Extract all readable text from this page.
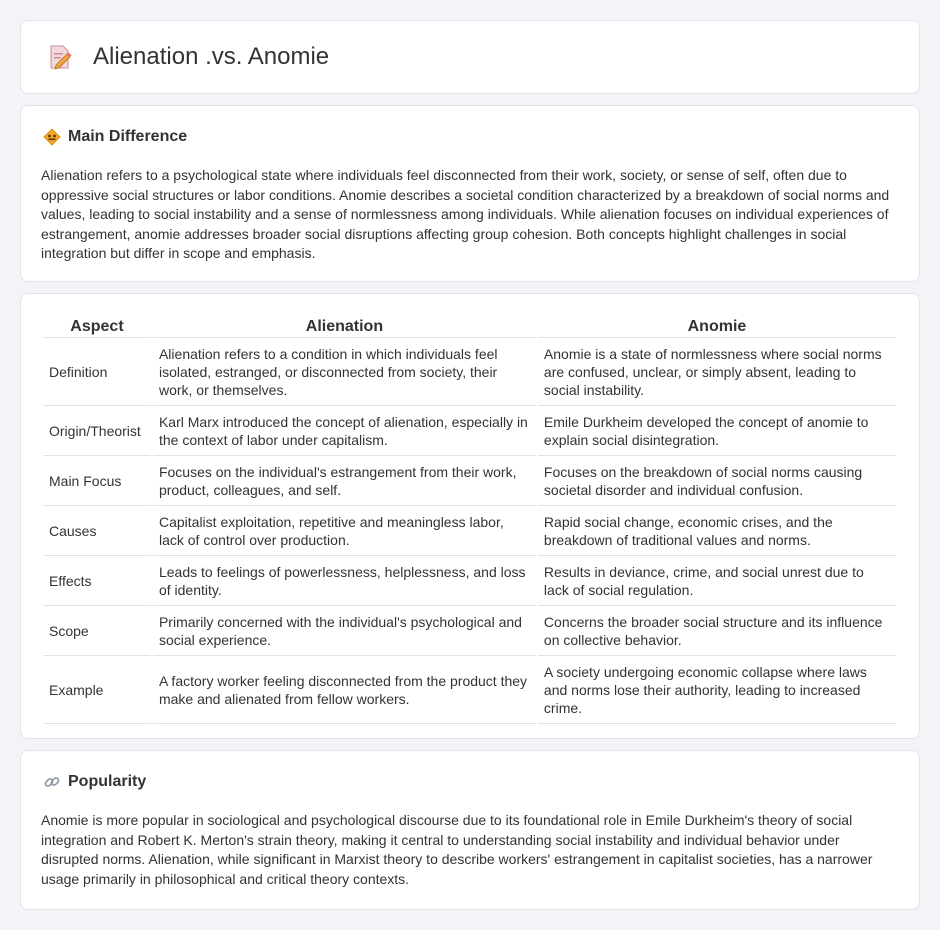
Alienation .vs. Anomie
Main Difference

Alienation refers to a psychological state where individuals feel disconnected from their work, society, or sense of self, often due to oppressive social structures or labor conditions. Anomie describes a societal condition characterized by a breakdown of social norms and values, leading to social instability and a sense of normlessness among individuals. While alienation focuses on individual experiences of estrangement, anomie addresses broader social disruptions affecting group cohesion. Both concepts highlight challenges in social integration but differ in scope and emphasis.

Aspect	Alienation	Anomie
Definition	Alienation refers to a condition in which individuals feel isolated, estranged, or disconnected from society, their work, or themselves.	Anomie is a state of normlessness where social norms are confused, unclear, or simply absent, leading to social instability.
Origin/Theorist	Karl Marx introduced the concept of alienation, especially in the context of labor under capitalism.	Emile Durkheim developed the concept of anomie to explain social disintegration.
Main Focus	Focuses on the individual's estrangement from their work, product, colleagues, and self.	Focuses on the breakdown of social norms causing societal disorder and individual confusion.
Causes	Capitalist exploitation, repetitive and meaningless labor, lack of control over production.	Rapid social change, economic crises, and the breakdown of traditional values and norms.
Effects	Leads to feelings of powerlessness, helplessness, and loss of identity.	Results in deviance, crime, and social unrest due to lack of social regulation.
Scope	Primarily concerned with the individual's psychological and social experience.	Concerns the broader social structure and its influence on collective behavior.
Example	A factory worker feeling disconnected from the product they make and alienated from fellow workers.	A society undergoing economic collapse where laws and norms lose their authority, leading to increased crime.
Popularity

Anomie is more popular in sociological and psychological discourse due to its foundational role in Emile Durkheim's theory of social integration and Robert K. Merton's strain theory, making it central to understanding social instability and individual behavior under disrupted norms. Alienation, while significant in Marxist theory to describe workers' estrangement in capitalist societies, has a narrower usage primarily in philosophical and critical theory contexts.
